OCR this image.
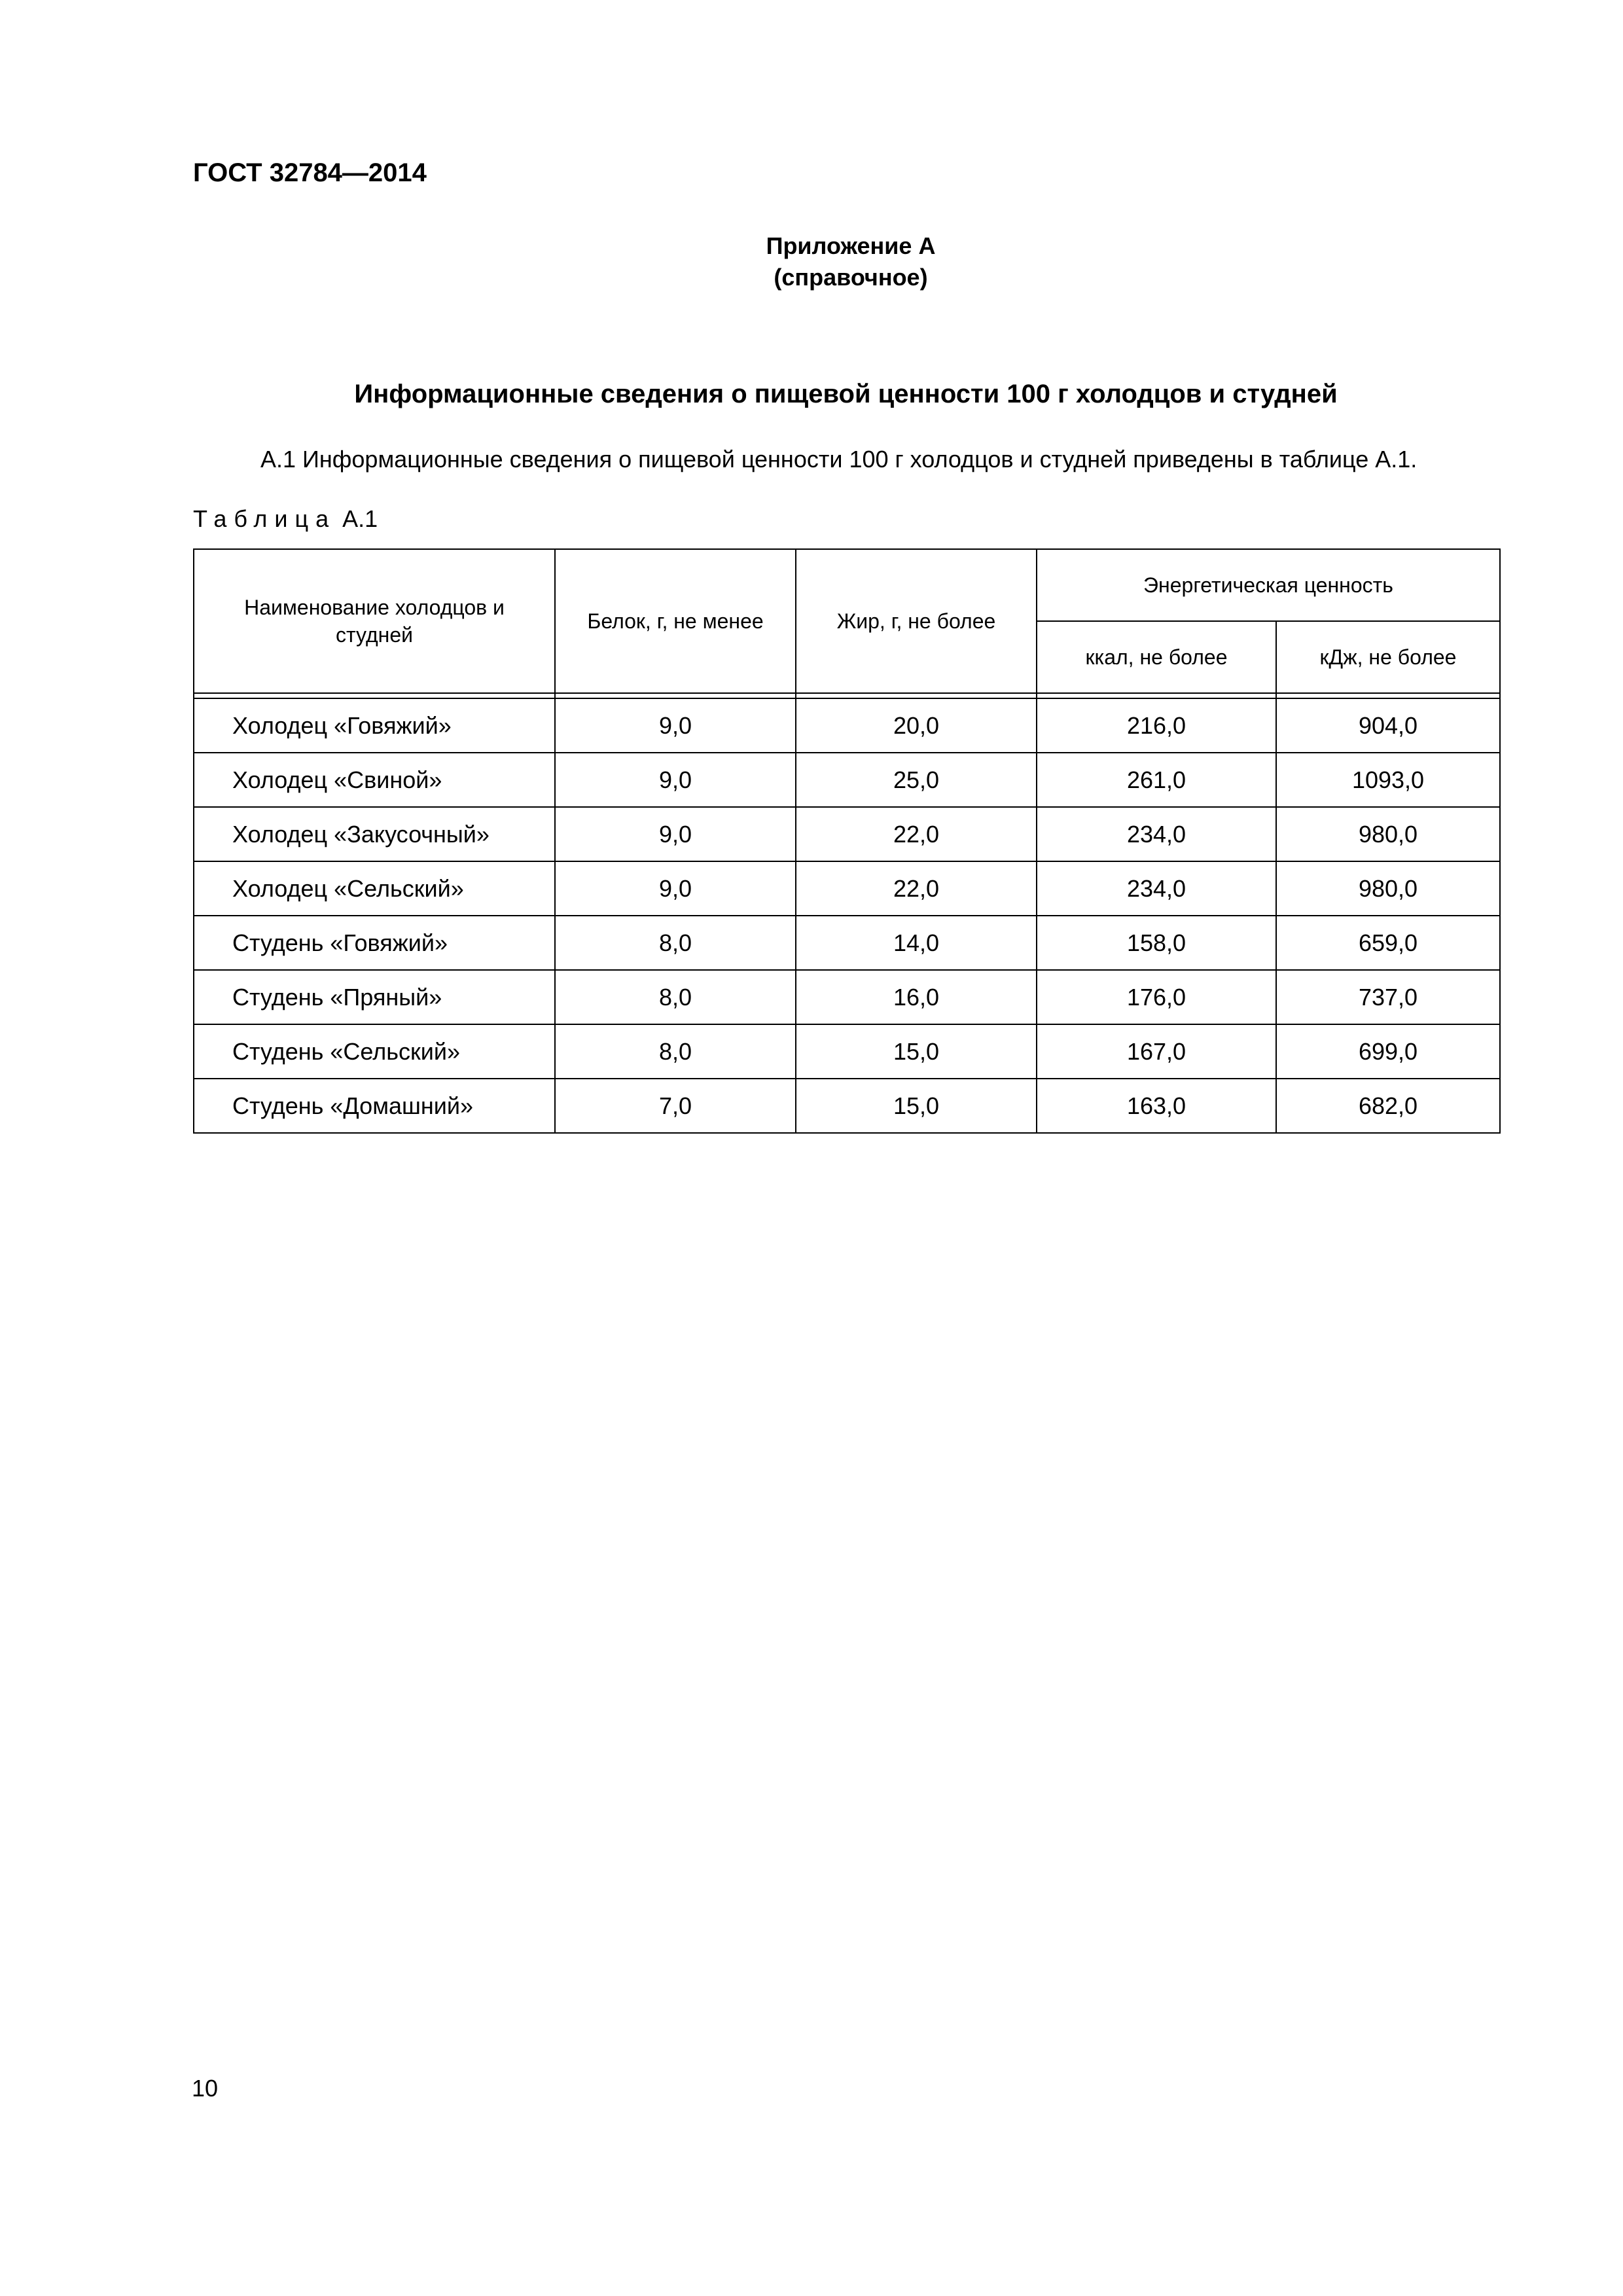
ГОСТ 32784—2014
Приложение А
(справочное)
Информационные сведения о пищевой ценности 100 г холодцов и студней
А.1 Информационные сведения о пищевой ценности 100 г холодцов и студней приведены в таблице А.1.
Таблица А.1
Наименование холодцов и студней	Белок, г, не менее	Жир, г, не более	Энергетическая ценность	
			ккал, не более	кДж, не более

Холодец «Говяжий»	9,0	20,0	216,0	904,0
Холодец «Свиной»	9,0	25,0	261,0	1093,0
Холодец «Закусочный»	9,0	22,0	234,0	980,0
Холодец «Сельский»	9,0	22,0	234,0	980,0
Студень «Говяжий»	8,0	14,0	158,0	659,0
Студень «Пряный»	8,0	16,0	176,0	737,0
Студень «Сельский»	8,0	15,0	167,0	699,0
Студень «Домашний»	7,0	15,0	163,0	682,0
10
